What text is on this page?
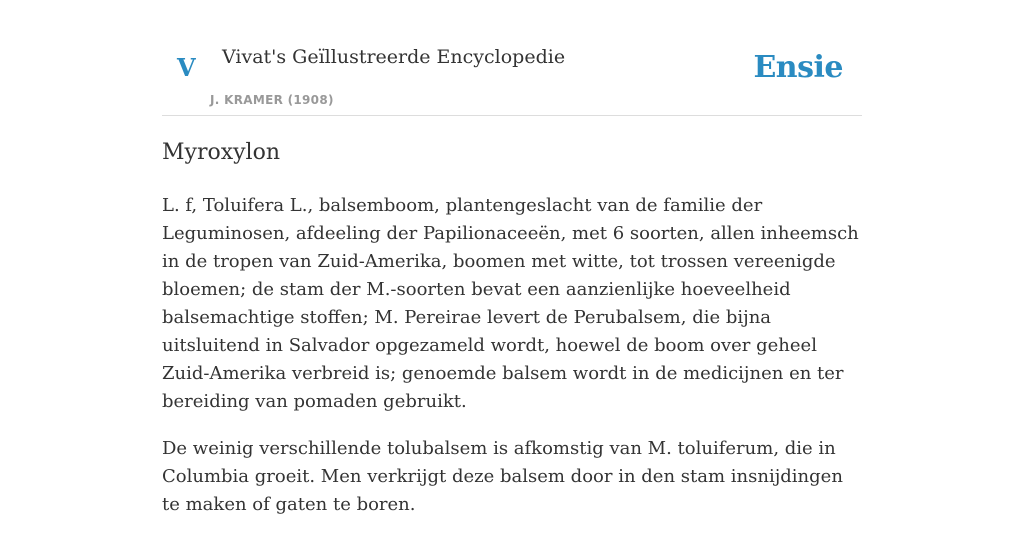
V Vivat's Geïllustreerde Encyclopedie
J. KRAMER (1908)
Ensie
Myroxylon

L. f, Toluifera L., balsemboom, plantengeslacht van de familie der Leguminosen, afdeeling der Papilionaceeën, met 6 soorten, allen inheemsch in de tropen van Zuid-Amerika, boomen met witte, tot trossen vereenigde bloemen; de stam der M.-soorten bevat een aanzienlijke hoeveelheid balsemachtige stoffen; M. Pereirae levert de Perubalsem, die bijna uitsluitend in Salvador opgezameld wordt, hoewel de boom over geheel Zuid-Amerika verbreid is; genoemde balsem wordt in de medicijnen en ter bereiding van pomaden gebruikt.

De weinig verschillende tolubalsem is afkomstig van M. toluiferum, die in Columbia groeit. Men verkrijgt deze balsem door in den stam insnijdingen te maken of gaten te boren.
